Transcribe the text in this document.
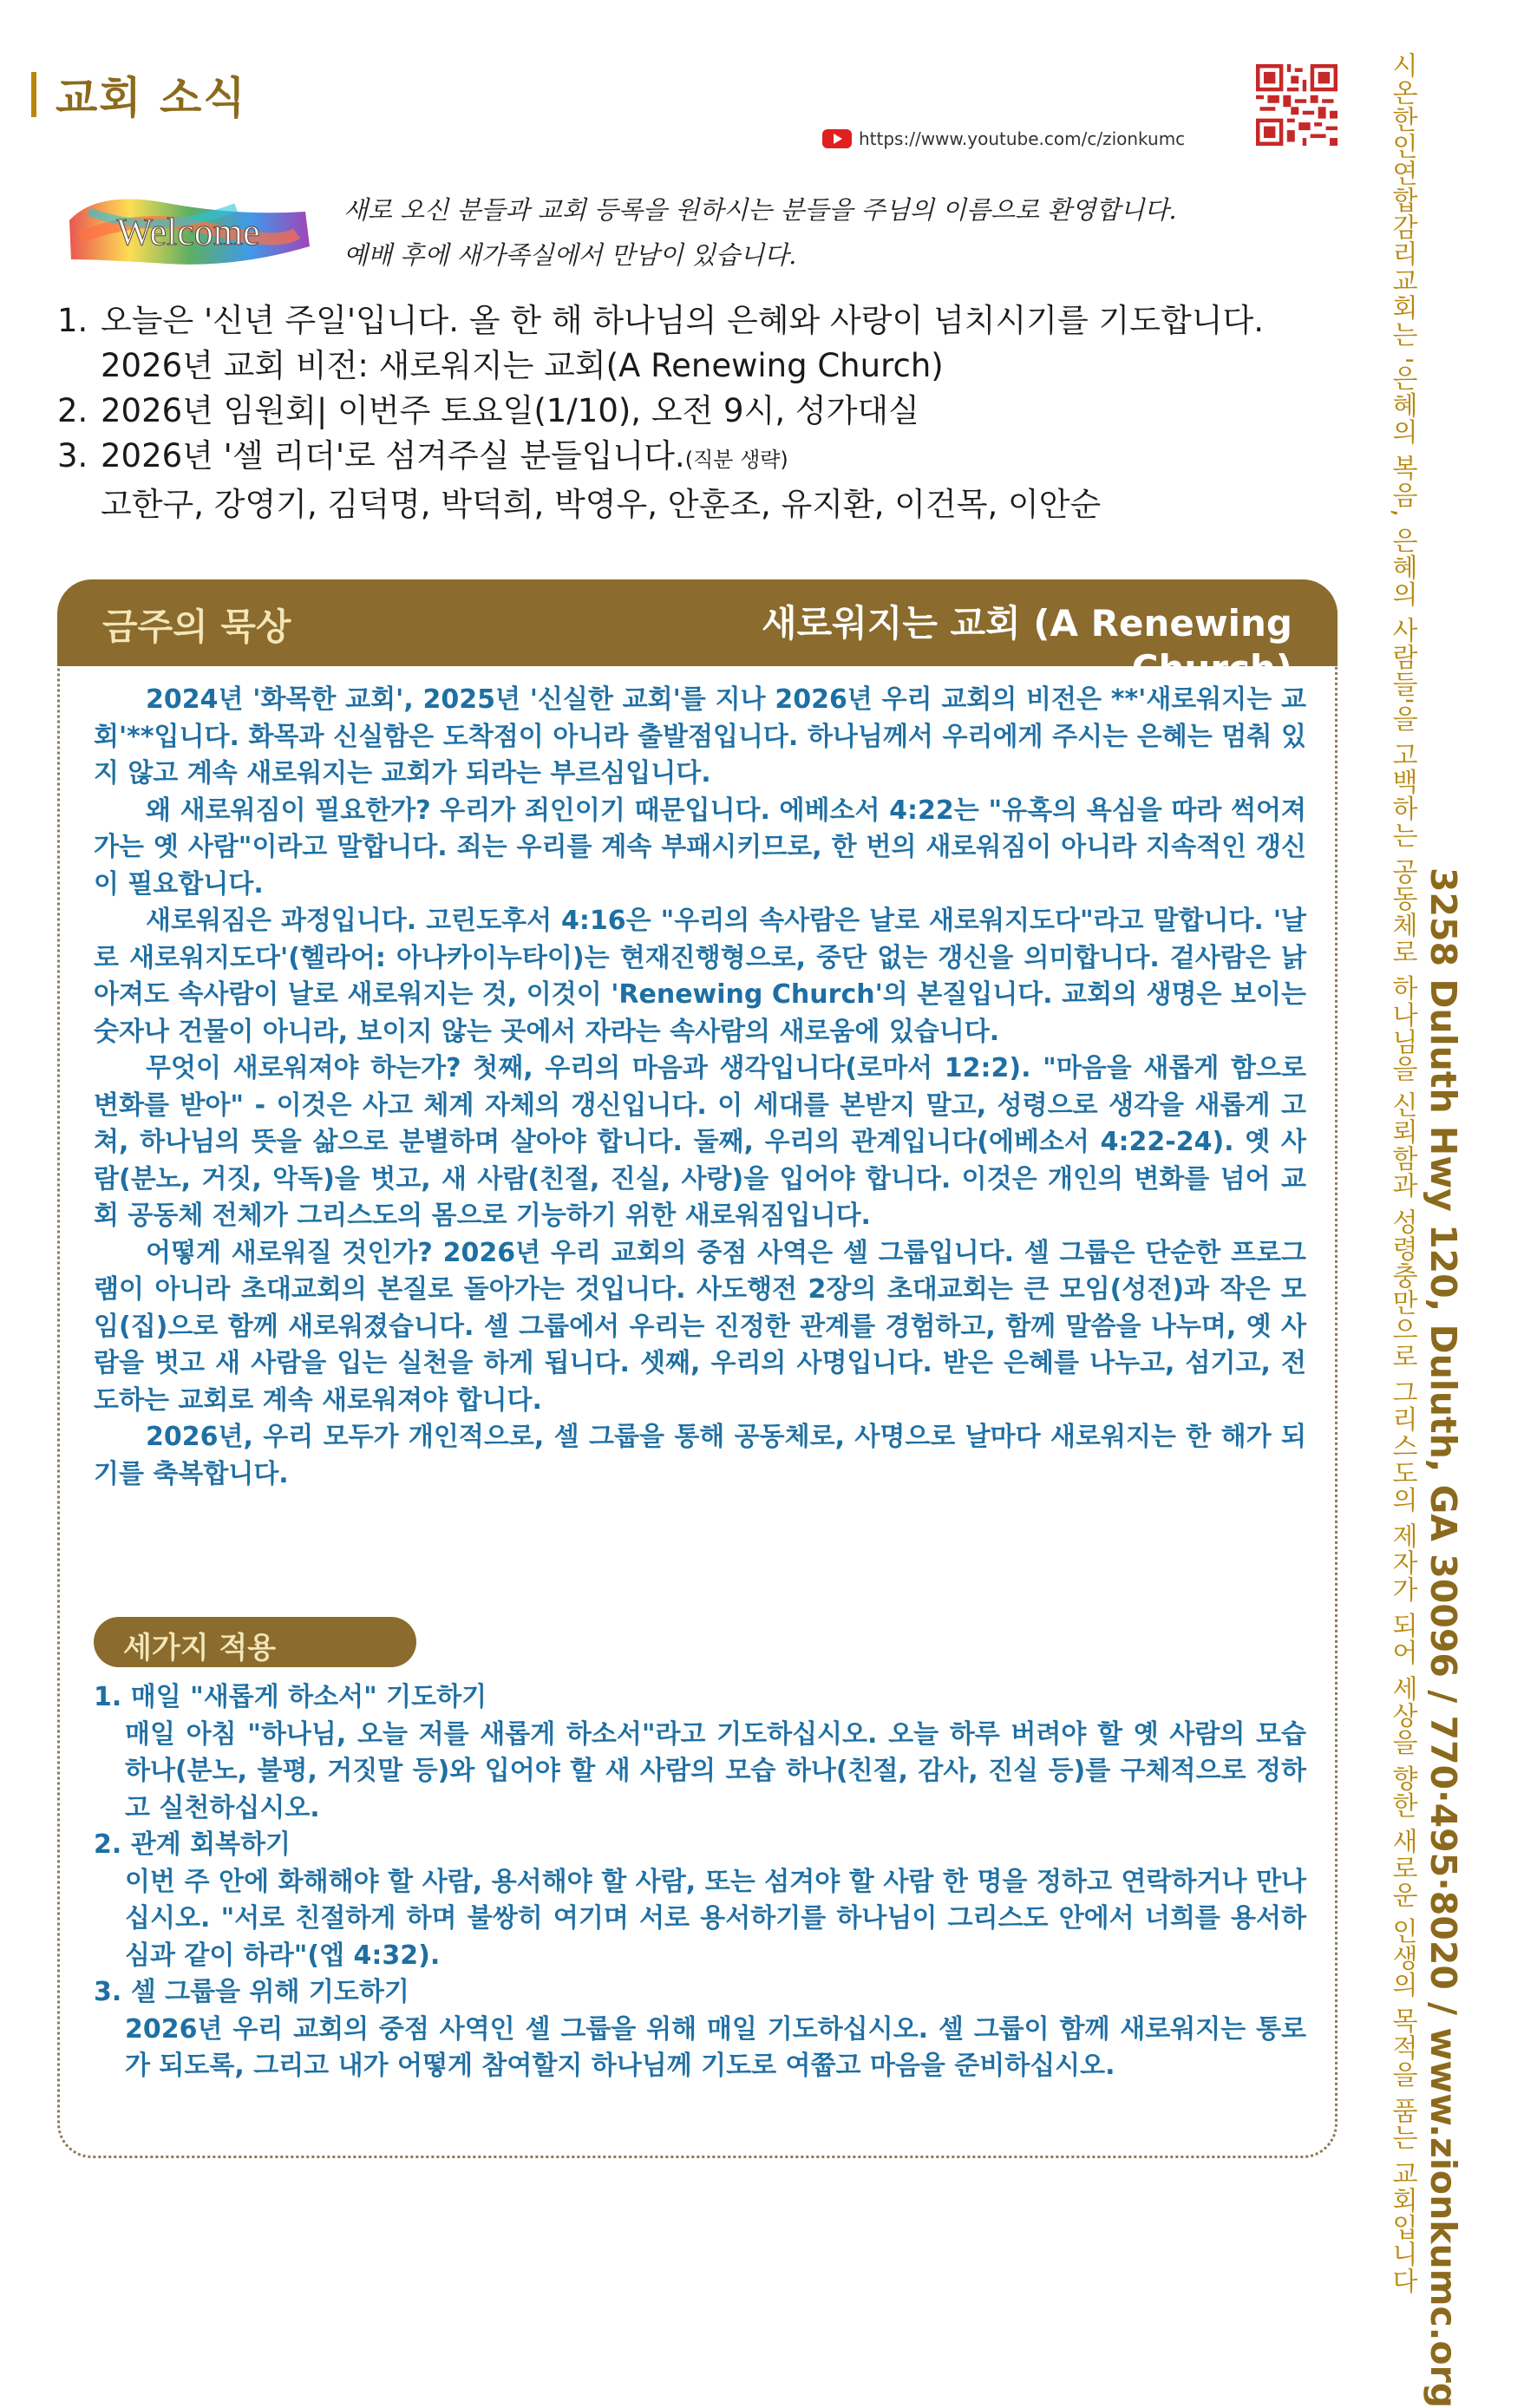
교회 소식
https://www.youtube.com/c/zionkumc
Welcome
새로 오신 분들과 교회 등록을 원하시는 분들을 주님의 이름으로 환영합니다.
예배 후에 새가족실에서 만남이 있습니다.
1. 오늘은 '신년 주일'입니다. 올 한 해 하나님의 은혜와 사랑이 넘치시기를 기도합니다.
2026년 교회 비전: 새로워지는 교회(A Renewing Church)
2. 2026년 임원회| 이번주 토요일(1/10), 오전 9시, 성가대실
3. 2026년 '셀 리더'로 섬겨주실 분들입니다.(직분 생략)
고한구, 강영기, 김덕명, 박덕희, 박영우, 안훈조, 유지환, 이건목, 이안순
금주의 묵상	새로워지는 교회 (A Renewing Church)

2024년 '화목한 교회', 2025년 '신실한 교회'를 지나 2026년 우리 교회의 비전은 **'새로워지는 교회'**입니다. 화목과 신실함은 도착점이 아니라 출발점입니다. 하나님께서 우리에게 주시는 은혜는 멈춰 있지 않고 계속 새로워지는 교회가 되라는 부르심입니다.

왜 새로워짐이 필요한가? 우리가 죄인이기 때문입니다. 에베소서 4:22는 "유혹의 욕심을 따라 썩어져 가는 옛 사람"이라고 말합니다. 죄는 우리를 계속 부패시키므로, 한 번의 새로워짐이 아니라 지속적인 갱신이 필요합니다.

새로워짐은 과정입니다. 고린도후서 4:16은 "우리의 속사람은 날로 새로워지도다"라고 말합니다. '날로 새로워지도다'(헬라어: 아나카이누타이)는 현재진행형으로, 중단 없는 갱신을 의미합니다. 겉사람은 낡아져도 속사람이 날로 새로워지는 것, 이것이 'Renewing Church'의 본질입니다. 교회의 생명은 보이는 숫자나 건물이 아니라, 보이지 않는 곳에서 자라는 속사람의 새로움에 있습니다.

무엇이 새로워져야 하는가? 첫째, 우리의 마음과 생각입니다(로마서 12:2). "마음을 새롭게 함으로 변화를 받아" - 이것은 사고 체계 자체의 갱신입니다. 이 세대를 본받지 말고, 성령으로 생각을 새롭게 고쳐, 하나님의 뜻을 삶으로 분별하며 살아야 합니다. 둘째, 우리의 관계입니다(에베소서 4:22-24). 옛 사람(분노, 거짓, 악독)을 벗고, 새 사람(친절, 진실, 사랑)을 입어야 합니다. 이것은 개인의 변화를 넘어 교회 공동체 전체가 그리스도의 몸으로 기능하기 위한 새로워짐입니다.

어떻게 새로워질 것인가? 2026년 우리 교회의 중점 사역은 셀 그룹입니다. 셀 그룹은 단순한 프로그램이 아니라 초대교회의 본질로 돌아가는 것입니다. 사도행전 2장의 초대교회는 큰 모임(성전)과 작은 모임(집)으로 함께 새로워졌습니다. 셀 그룹에서 우리는 진정한 관계를 경험하고, 함께 말씀을 나누며, 옛 사람을 벗고 새 사람을 입는 실천을 하게 됩니다. 셋째, 우리의 사명입니다. 받은 은혜를 나누고, 섬기고, 전도하는 교회로 계속 새로워져야 합니다.

2026년, 우리 모두가 개인적으로, 셀 그룹을 통해 공동체로, 사명으로 날마다 새로워지는 한 해가 되기를 축복합니다.

세가지 적용
1. 매일 "새롭게 하소서" 기도하기
매일 아침 "하나님, 오늘 저를 새롭게 하소서"라고 기도하십시오. 오늘 하루 버려야 할 옛 사람의 모습 하나(분노, 불평, 거짓말 등)와 입어야 할 새 사람의 모습 하나(친절, 감사, 진실 등)를 구체적으로 정하고 실천하십시오.
2. 관계 회복하기
이번 주 안에 화해해야 할 사람, 용서해야 할 사람, 또는 섬겨야 할 사람 한 명을 정하고 연락하거나 만나십시오. "서로 친절하게 하며 불쌍히 여기며 서로 용서하기를 하나님이 그리스도 안에서 너희를 용서하심과 같이 하라"(엡 4:32).
3. 셀 그룹을 위해 기도하기
2026년 우리 교회의 중점 사역인 셀 그룹을 위해 매일 기도하십시오. 셀 그룹이 함께 새로워지는 통로가 되도록, 그리고 내가 어떻게 참여할지 하나님께 기도로 여쭙고 마음을 준비하십시오.	시온한인연합감리교회는 '은혜의 복음, 은혜의 사람들'을 고백하는 공동체로 하나님을 신뢰함과 성령충만으로 그리스도의 제자가 되어 세상을 향한 새로운 인생의 목적을 품는 교회입니다 3258 Duluth Hwy 120, Duluth, GA 30096 / 770·495·8020 / www.zionkumc.org
